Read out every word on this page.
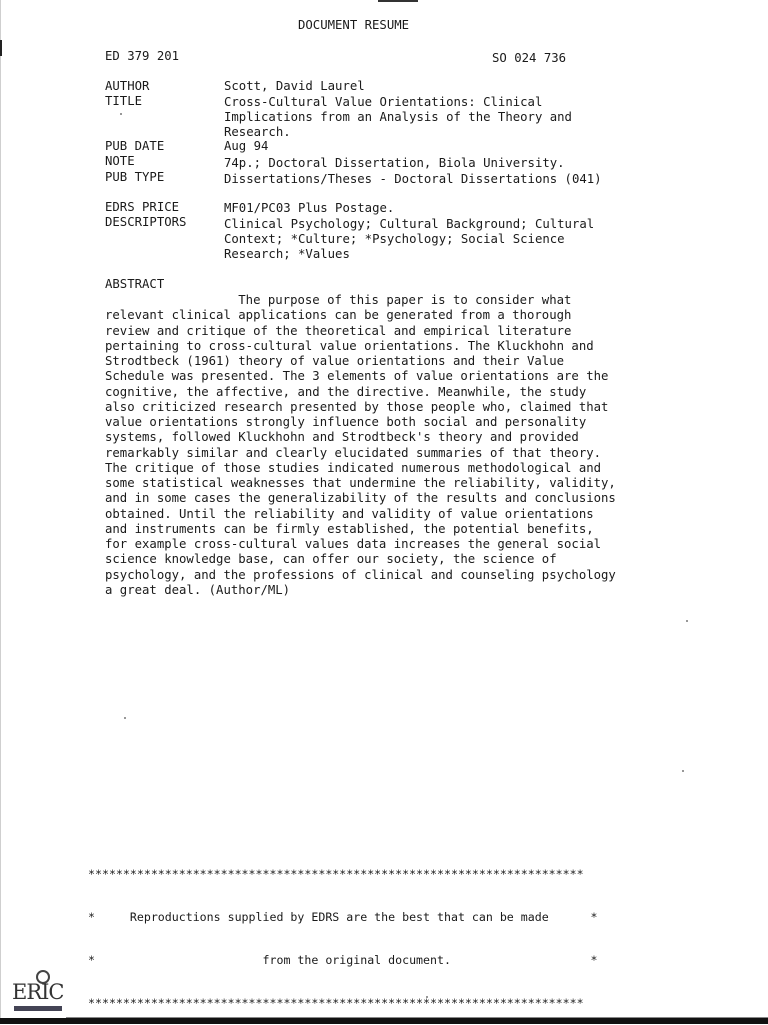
DOCUMENT RESUME
ED 379 201	SO 024 736
AUTHOR	Scott, David Laurel
TITLE	Cross-Cultural Value Orientations: Clinical
Implications from an Analysis of the Theory and
Research.
PUB DATE	Aug 94
NOTE	74p.; Doctoral Dissertation, Biola University.
PUB TYPE	Dissertations/Theses - Doctoral Dissertations (041)
EDRS PRICE	MF01/PC03 Plus Postage.
DESCRIPTORS	Clinical Psychology; Cultural Background; Cultural
Context; *Culture; *Psychology; Social Science
Research; *Values
ABSTRACT
The purpose of this paper is to consider what
relevant clinical applications can be generated from a thorough
review and critique of the theoretical and empirical literature
pertaining to cross-cultural value orientations. The Kluckhohn and
Strodtbeck (1961) theory of value orientations and their Value
Schedule was presented. The 3 elements of value orientations are the
cognitive, the affective, and the directive. Meanwhile, the study
also criticized research presented by those people who, claimed that
value orientations strongly influence both social and personality
systems, followed Kluckhohn and Strodtbeck's theory and provided
remarkably similar and clearly elucidated summaries of that theory.
The critique of those studies indicated numerous methodological and
some statistical weaknesses that undermine the reliability, validity,
and in some cases the generalizability of the results and conclusions
obtained. Until the reliability and validity of value orientations
and instruments can be firmly established, the potential benefits,
for example cross-cultural values data increases the general social
science knowledge base, can offer our society, the science of
psychology, and the professions of clinical and counseling psychology
a great deal. (Author/ML)

***********************************************************************

*     Reproductions supplied by EDRS are the best that can be made      *

*                        from the original document.                    *

***********************************************************************

ERIC
